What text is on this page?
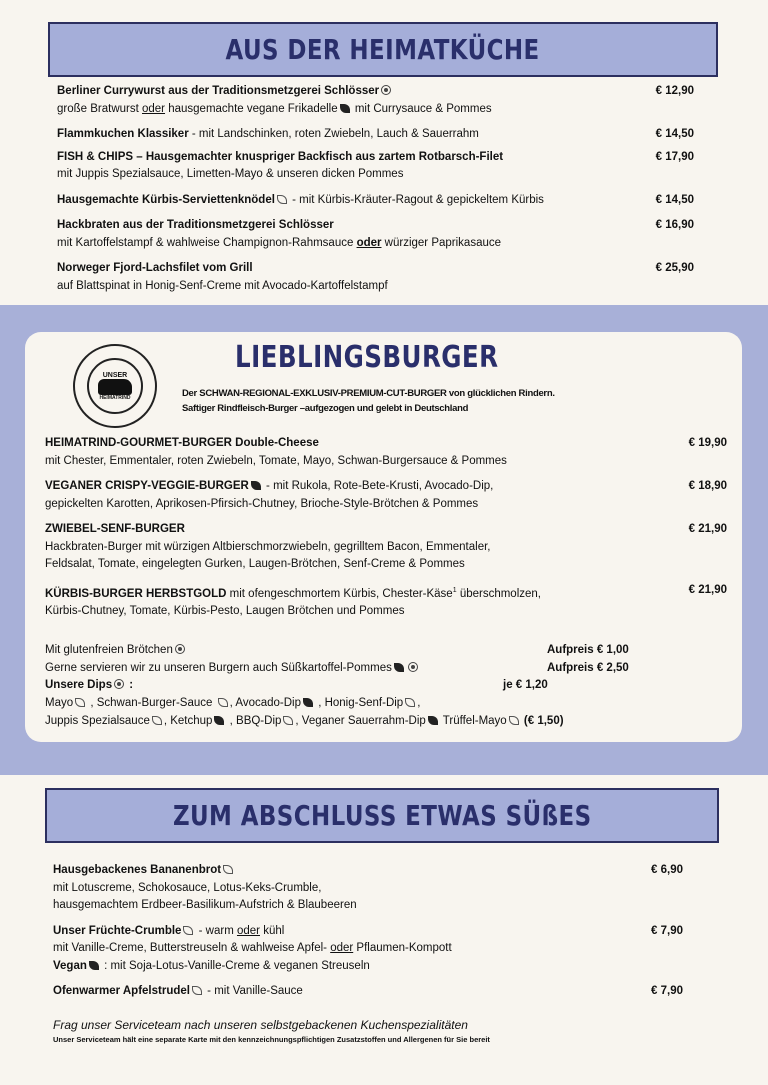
AUS DER HEIMATKÜCHE
Berliner Currywurst aus der Traditionsmetzgerei Schlösser	€ 12,90
große Bratwurst oder hausgemachte vegane Frikadelle mit Currysauce & Pommes
Flammkuchen Klassiker - mit Landschinken, roten Zwiebeln, Lauch & Sauerrahm	€ 14,50
FISH & CHIPS – Hausgemachter knuspriger Backfisch aus zartem Rotbarsch-Filet	€ 17,90
mit Juppis Spezialsauce, Limetten-Mayo & unseren dicken Pommes
Hausgemachte Kürbis-Serviettenknödel - mit Kürbis-Kräuter-Ragout & gepickeltem Kürbis	€ 14,50
Hackbraten aus der Traditionsmetzgerei Schlösser	€ 16,90
mit Kartoffelstampf & wahlweise Champignon-Rahmsauce oder würziger Paprikasauce
Norweger Fjord-Lachsfilet vom Grill	€ 25,90
auf Blattspinat in Honig-Senf-Creme mit Avocado-Kartoffelstampf
UNSER
HEIMATRIND
LIEBLINGSBURGER
Der SCHWAN-REGIONAL-EXKLUSIV-PREMIUM-CUT-BURGER von glücklichen Rindern.
Saftiger Rindfleisch-Burger –aufgezogen und gelebt in Deutschland
HEIMATRIND-GOURMET-BURGER Double-Cheese	€ 19,90
mit Chester, Emmentaler, roten Zwiebeln, Tomate, Mayo, Schwan-Burgersauce & Pommes
VEGANER CRISPY-VEGGIE-BURGER - mit Rukola, Rote-Bete-Krusti, Avocado-Dip,	€ 18,90
gepickelten Karotten, Aprikosen-Pfirsich-Chutney, Brioche-Style-Brötchen & Pommes
ZWIEBEL-SENF-BURGER	€ 21,90
Hackbraten-Burger mit würzigen Altbierschmorzwiebeln, gegrilltem Bacon, Emmentaler,
Feldsalat, Tomate, eingelegten Gurken, Laugen-Brötchen, Senf-Creme & Pommes
KÜRBIS-BURGER HERBSTGOLD mit ofengeschmortem Kürbis, Chester-Käse$^1$ überschmolzen,	€ 21,90
Kürbis-Chutney, Tomate, Kürbis-Pesto, Laugen Brötchen und Pommes
Mit glutenfreien Brötchen	Aufpreis € 1,00
Gerne servieren wir zu unseren Burgern auch Süßkartoffel-Pommes	Aufpreis € 2,50
Unsere Dips :	je € 1,20
Mayo , Schwan-Burger-Sauce , Avocado-Dip , Honig-Senf-Dip ,
Juppis Spezialsauce , Ketchup , BBQ-Dip , Veganer Sauerrahm-Dip Trüffel-Mayo (€ 1,50)
ZUM ABSCHLUSS ETWAS SÜßES
Hausgebackenes Bananenbrot	€ 6,90
mit Lotuscreme, Schokosauce, Lotus-Keks-Crumble,
hausgemachtem Erdbeer-Basilikum-Aufstrich & Blaubeeren
Unser Früchte-Crumble - warm oder kühl	€ 7,90
mit Vanille-Creme, Butterstreuseln & wahlweise Apfel- oder Pflaumen-Kompott
Vegan : mit Soja-Lotus-Vanille-Creme & veganen Streuseln
Ofenwarmer Apfelstrudel - mit Vanille-Sauce	€ 7,90
Frag unser Serviceteam nach unseren selbstgebackenen Kuchenspezialitäten
Unser Serviceteam hält eine separate Karte mit den kennzeichnungspflichtigen Zusatzstoffen und Allergenen für Sie bereit
